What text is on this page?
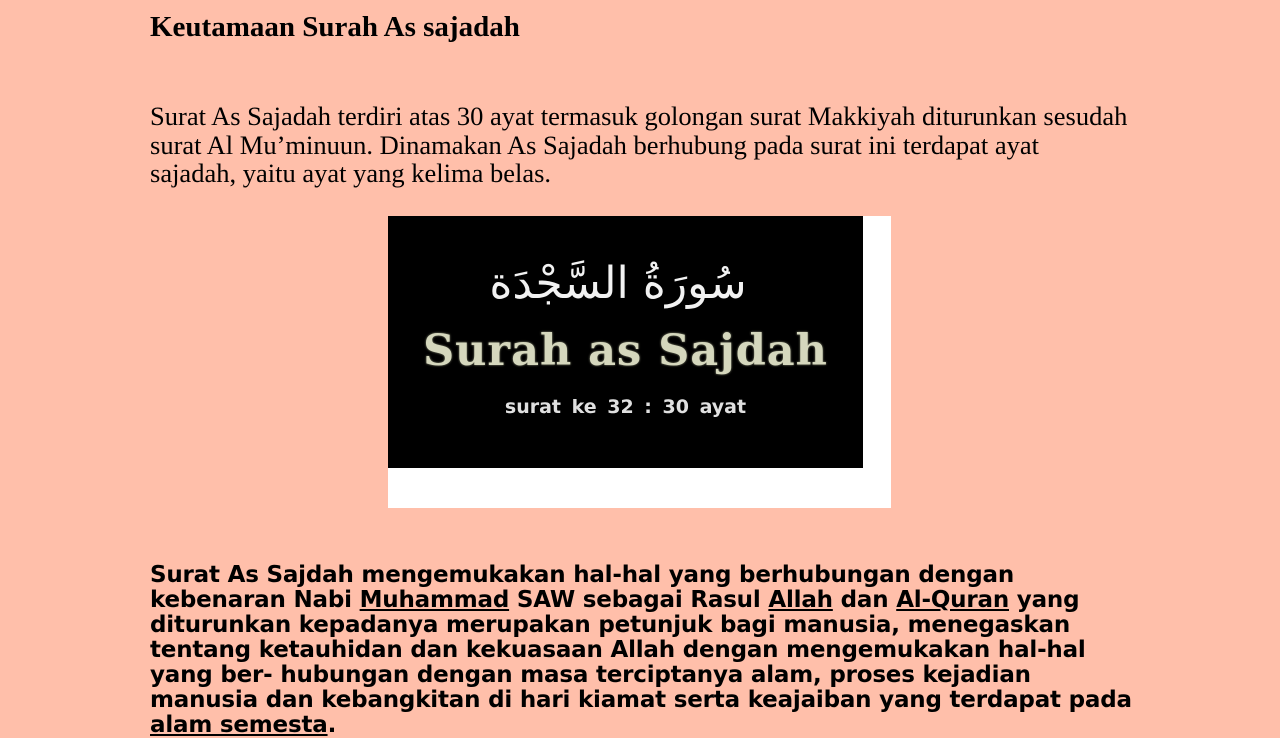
Keutamaan Surah As sajadah

Surat As Sajadah terdiri atas 30 ayat termasuk golongan surat Makkiyah diturunkan sesudah surat Al Mu’minuun. Dinamakan As Sajadah berhubung pada surat ini terdapat ayat sajadah, yaitu ayat yang kelima belas.

سُورَةُ السَّجْدَة
Surah as Sajdah
surat ke 32 : 30 ayat

Surat As Sajdah mengemukakan hal-hal yang berhubungan dengan kebenaran Nabi Muhammad SAW sebagai Rasul Allah dan Al-Quran yang diturunkan kepadanya merupakan petunjuk bagi manusia, menegaskan tentang ketauhidan dan kekuasaan Allah dengan mengemukakan hal-hal yang ber- hubungan dengan masa terciptanya alam, proses kejadian manusia dan kebangkitan di hari kiamat serta keajaiban yang terdapat pada alam semesta.
